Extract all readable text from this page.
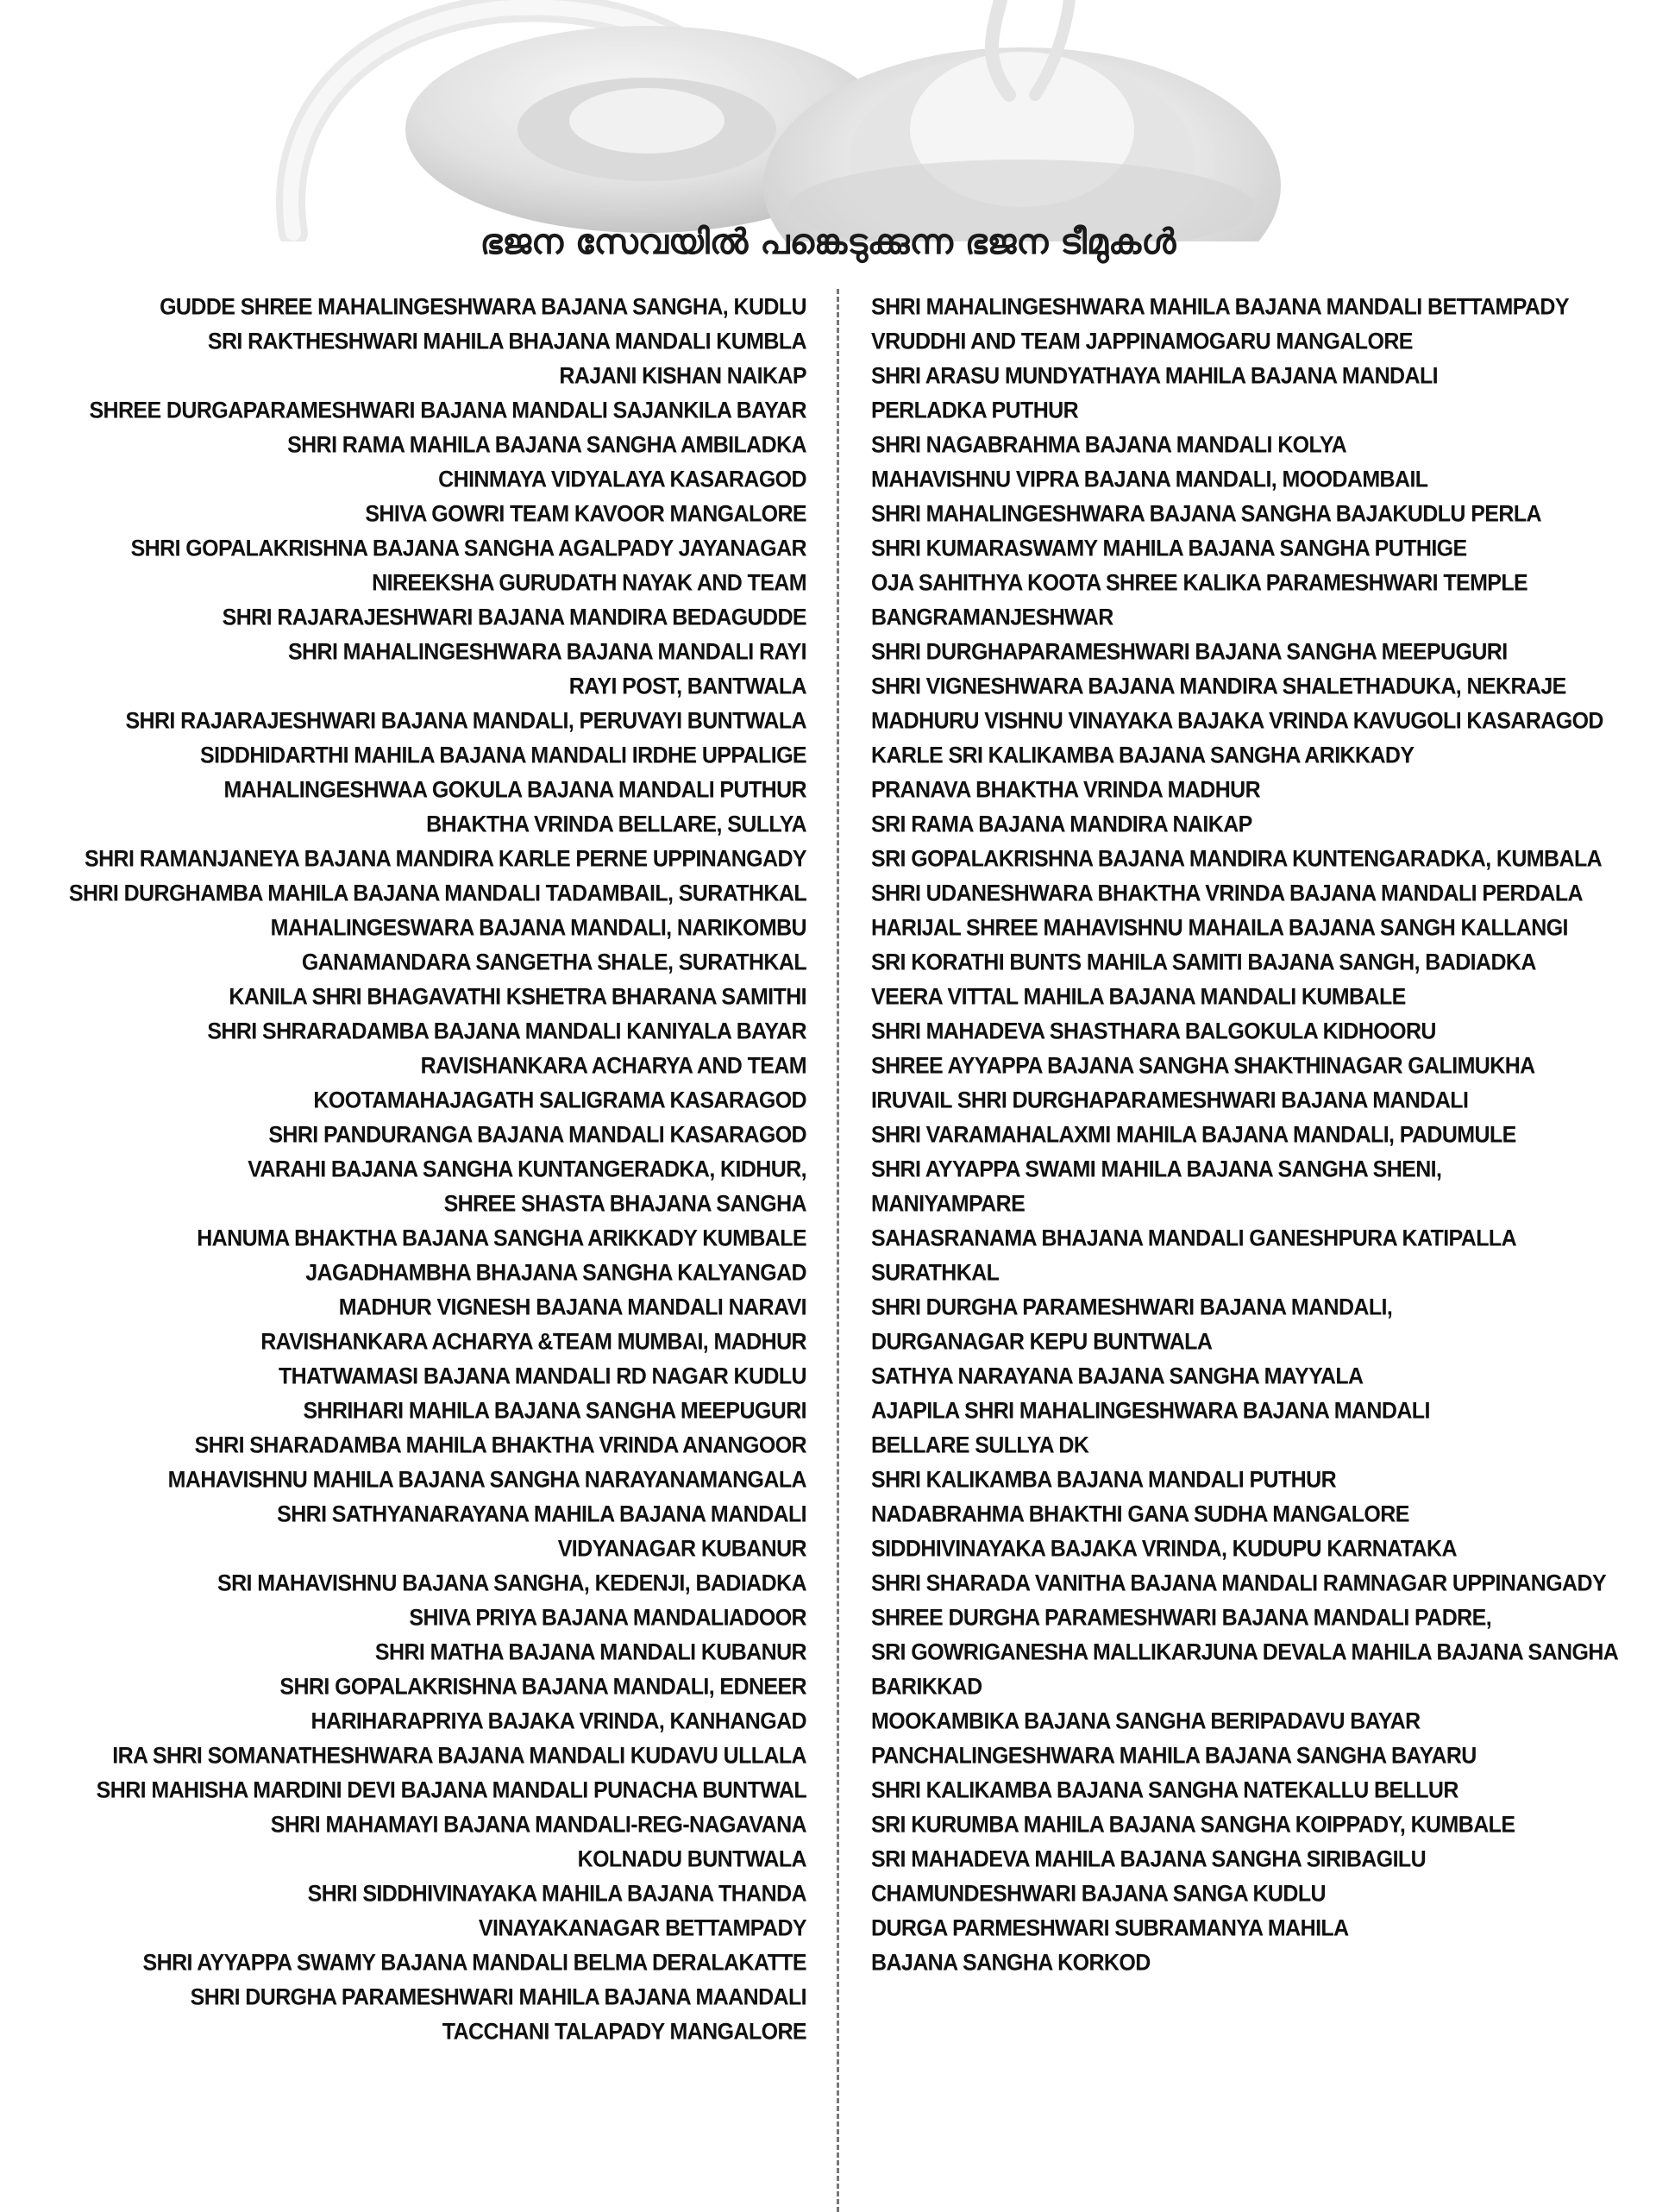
ഭജന സേവയിൽ പങ്കെടുക്കുന്ന ഭജന ടീമുകൾ
GUDDE SHREE MAHALINGESHWARA BAJANA SANGHA, KUDLU
SRI RAKTHESHWARI MAHILA BHAJANA MANDALI KUMBLA
RAJANI KISHAN NAIKAP
SHREE DURGAPARAMESHWARI BAJANA MANDALI SAJANKILA BAYAR
SHRI RAMA MAHILA BAJANA SANGHA AMBILADKA
CHINMAYA VIDYALAYA KASARAGOD
SHIVA GOWRI TEAM KAVOOR MANGALORE
SHRI GOPALAKRISHNA BAJANA SANGHA AGALPADY JAYANAGAR
NIREEKSHA GURUDATH NAYAK AND TEAM
SHRI RAJARAJESHWARI BAJANA MANDIRA BEDAGUDDE
SHRI MAHALINGESHWARA BAJANA MANDALI RAYI
RAYI POST, BANTWALA
SHRI RAJARAJESHWARI BAJANA MANDALI, PERUVAYI BUNTWALA
SIDDHIDARTHI MAHILA BAJANA MANDALI IRDHE UPPALIGE
MAHALINGESHWAA GOKULA BAJANA MANDALI PUTHUR
BHAKTHA VRINDA BELLARE, SULLYA
SHRI RAMANJANEYA BAJANA MANDIRA KARLE PERNE UPPINANGADY
SHRI DURGHAMBA MAHILA BAJANA MANDALI TADAMBAIL, SURATHKAL
MAHALINGESWARA BAJANA MANDALI, NARIKOMBU
GANAMANDARA SANGETHA SHALE, SURATHKAL
KANILA SHRI BHAGAVATHI KSHETRA BHARANA SAMITHI
SHRI SHRARADAMBA BAJANA MANDALI KANIYALA BAYAR
RAVISHANKARA ACHARYA AND TEAM
KOOTAMAHAJAGATH SALIGRAMA KASARAGOD
SHRI PANDURANGA BAJANA MANDALI KASARAGOD
VARAHI BAJANA SANGHA KUNTANGERADKA, KIDHUR,
SHREE SHASTA BHAJANA SANGHA
HANUMA BHAKTHA BAJANA SANGHA ARIKKADY KUMBALE
JAGADHAMBHA BHAJANA SANGHA KALYANGAD
MADHUR VIGNESH BAJANA MANDALI NARAVI
RAVISHANKARA ACHARYA &TEAM MUMBAI, MADHUR
THATWAMASI BAJANA MANDALI RD NAGAR KUDLU
SHRIHARI MAHILA BAJANA SANGHA MEEPUGURI
SHRI SHARADAMBA MAHILA BHAKTHA VRINDA ANANGOOR
MAHAVISHNU MAHILA BAJANA SANGHA NARAYANAMANGALA
SHRI SATHYANARAYANA MAHILA BAJANA MANDALI
VIDYANAGAR KUBANUR
SRI MAHAVISHNU BAJANA SANGHA, KEDENJI, BADIADKA
SHIVA PRIYA BAJANA MANDALIADOOR
SHRI MATHA BAJANA MANDALI KUBANUR
SHRI GOPALAKRISHNA BAJANA MANDALI, EDNEER
HARIHARAPRIYA BAJAKA VRINDA, KANHANGAD
IRA SHRI SOMANATHESHWARA BAJANA MANDALI KUDAVU ULLALA
SHRI MAHISHA MARDINI DEVI BAJANA MANDALI PUNACHA BUNTWAL
SHRI MAHAMAYI BAJANA MANDALI-REG-NAGAVANA
KOLNADU BUNTWALA
SHRI SIDDHIVINAYAKA MAHILA BAJANA THANDA
VINAYAKANAGAR BETTAMPADY
SHRI AYYAPPA SWAMY BAJANA MANDALI BELMA DERALAKATTE
SHRI DURGHA PARAMESHWARI MAHILA BAJANA MAANDALI
TACCHANI TALAPADY MANGALORE
SHRI MAHALINGESHWARA MAHILA BAJANA MANDALI BETTAMPADY
VRUDDHI AND TEAM JAPPINAMOGARU MANGALORE
SHRI ARASU MUNDYATHAYA MAHILA BAJANA MANDALI
PERLADKA PUTHUR
SHRI NAGABRAHMA BAJANA MANDALI KOLYA
MAHAVISHNU VIPRA BAJANA MANDALI, MOODAMBAIL
SHRI MAHALINGESHWARA BAJANA SANGHA BAJAKUDLU PERLA
SHRI KUMARASWAMY MAHILA BAJANA SANGHA PUTHIGE
OJA SAHITHYA KOOTA SHREE KALIKA PARAMESHWARI TEMPLE
BANGRAMANJESHWAR
SHRI DURGHAPARAMESHWARI BAJANA SANGHA MEEPUGURI
SHRI VIGNESHWARA BAJANA MANDIRA SHALETHADUKA, NEKRAJE
MADHURU VISHNU VINAYAKA BAJAKA VRINDA KAVUGOLI KASARAGOD
KARLE SRI KALIKAMBA BAJANA SANGHA ARIKKADY
PRANAVA BHAKTHA VRINDA MADHUR
SRI RAMA BAJANA MANDIRA NAIKAP
SRI GOPALAKRISHNA BAJANA MANDIRA KUNTENGARADKA, KUMBALA
SHRI UDANESHWARA BHAKTHA VRINDA BAJANA MANDALI PERDALA
HARIJAL SHREE MAHAVISHNU MAHAILA BAJANA SANGH KALLANGI
SRI KORATHI BUNTS MAHILA SAMITI BAJANA SANGH, BADIADKA
VEERA VITTAL MAHILA BAJANA MANDALI KUMBALE
SHRI MAHADEVA SHASTHARA BALGOKULA KIDHOORU
SHREE AYYAPPA BAJANA SANGHA SHAKTHINAGAR GALIMUKHA
IRUVAIL SHRI DURGHAPARAMESHWARI BAJANA MANDALI
SHRI VARAMAHALAXMI MAHILA BAJANA MANDALI, PADUMULE
SHRI AYYAPPA SWAMI MAHILA BAJANA SANGHA SHENI,
MANIYAMPARE
SAHASRANAMA BHAJANA MANDALI GANESHPURA KATIPALLA
SURATHKAL
SHRI DURGHA PARAMESHWARI BAJANA MANDALI,
DURGANAGAR KEPU BUNTWALA
SATHYA NARAYANA BAJANA SANGHA MAYYALA
AJAPILA SHRI MAHALINGESHWARA BAJANA MANDALI
BELLARE SULLYA DK
SHRI KALIKAMBA BAJANA MANDALI PUTHUR
NADABRAHMA BHAKTHI GANA SUDHA MANGALORE
SIDDHIVINAYAKA BAJAKA VRINDA, KUDUPU KARNATAKA
SHRI SHARADA VANITHA BAJANA MANDALI RAMNAGAR UPPINANGADY
SHREE DURGHA PARAMESHWARI BAJANA MANDALI PADRE,
SRI GOWRIGANESHA MALLIKARJUNA DEVALA MAHILA BAJANA SANGHA
BARIKKAD
MOOKAMBIKA BAJANA SANGHA BERIPADAVU BAYAR
PANCHALINGESHWARA MAHILA BAJANA SANGHA BAYARU
SHRI KALIKAMBA BAJANA SANGHA NATEKALLU BELLUR
SRI KURUMBA MAHILA BAJANA SANGHA KOIPPADY, KUMBALE
SRI MAHADEVA MAHILA BAJANA SANGHA SIRIBAGILU
CHAMUNDESHWARI BAJANA SANGA KUDLU
DURGA PARMESHWARI SUBRAMANYA MAHILA
BAJANA SANGHA KORKOD
